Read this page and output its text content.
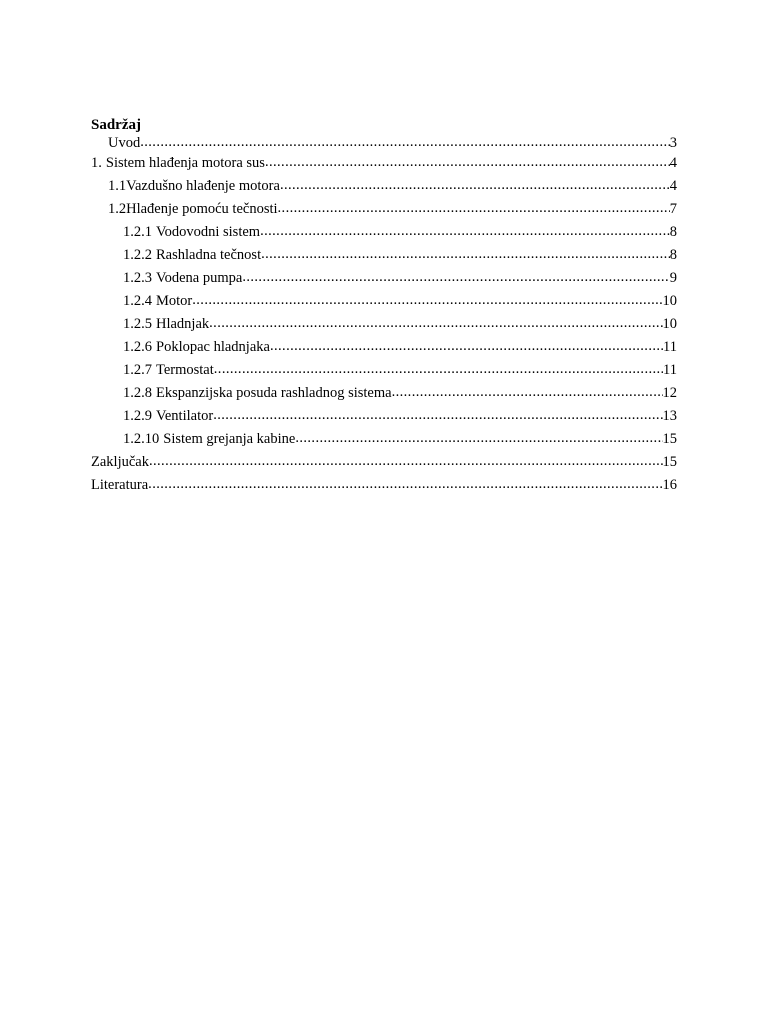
Sadržaj
Uvod .....	3
1. Sistem hlađenja motora sus .....	4
1.1 Vazdušno hlađenje motora .....	4
1.2 Hlađenje pomoću tečnosti .....	7
1.2.1 Vodovodni sistem .....	8
1.2.2 Rashladna tečnost .....	8
1.2.3 Vodena pumpa .....	9
1.2.4 Motor .....	10
1.2.5 Hladnjak .....	10
1.2.6 Poklopac hladnjaka .....	11
1.2.7 Termostat .....	11
1.2.8 Ekspanzijska posuda rashladnog sistema .....	12
1.2.9 Ventilator .....	13
1.2.10 Sistem grejanja kabine .....	15
Zaključak .....	15
Literatura .....	16
